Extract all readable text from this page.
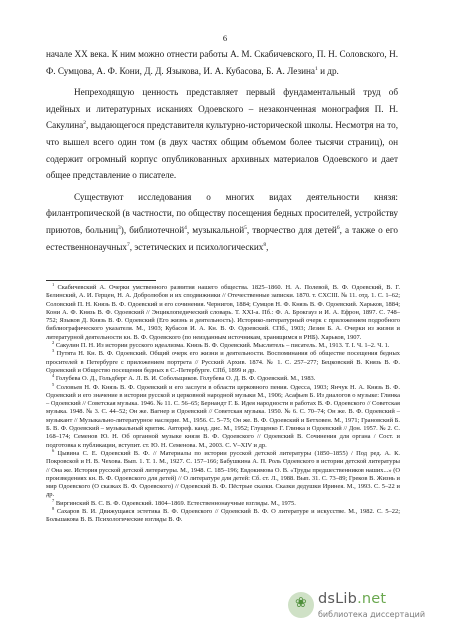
6

начале XX века. К ним можно отнести работы А. М. Скабичевского, П. Н. Соловского, Н. Ф. Сумцова, А. Ф. Кони, Д. Д. Языкова, И. А. Кубасова, Б. А. Лезина$^1$ и др.

Непреходящую ценность представляет первый фундаментальный труд об идейных и литературных исканиях Одоевского – незаконченная монография П. Н. Сакулина$^2$, выдающегося представителя культурно-исторической школы. Несмотря на то, что вышел всего один том (в двух частях общим объемом более тысячи страниц), он содержит огромный корпус опубликованных архивных материалов Одоевского и дает общее представление о писателе.

Существуют исследования о многих видах деятельности князя: филантропической (в частности, по обществу посещения бедных просителей, устройству приютов, больниц$^3$), библиотечной$^4$, музыкальной$^5$, творчество для детей$^6$, а также о его естественнонаучных$^7$, эстетических и психологических$^8$,

$^1$ Скабичевский А. Очерки умственного развития нашего общества. 1825–1860. Н. А. Полевой, В. Ф. Одоевский, В. Г. Белинский, А. И. Герцен, Н. А. Добролюбов и их сподвижники // Отечественные записки. 1870. т. CXCIII. № 11. отд. 1. С. 1–62; Соловский П. Н. Князь В. Ф. Одоевский и его сочинения. Чернигов, 1884; Сумцов Н. Ф. Князь В. Ф. Одоевский. Харьков, 1884; Кони А. Ф. Князь В. Ф. Одоевский // Энциклопедический словарь. Т. XXI-а. Пб.: Ф. А. Брокгауз и И. А. Ефрон, 1897. С. 748–752; Языков Д. Князь В. Ф. Одоевский (Его жизнь и деятельность). Историко-литературный очерк с приложением подробного библиографического указателя. М., 1903; Кубасов И. А. Кн. В. Ф. Одоевский. СПб., 1903; Лезин Б. А. Очерки из жизни и литературной деятельности кн. В. Ф. Одоевского (по неизданным источникам, хранящимся в РНБ). Харьков, 1907.

$^2$ Сакулин П. Н. Из истории русского идеализма. Князь В. Ф. Одоевский. Мыслитель – писатель. М., 1913. Т. I. Ч. 1–2. Ч. 1.

$^3$ Путята Н. Кн. В. Ф. Одоевский. Общий очерк его жизни и деятельности. Воспоминания об обществе посещения бедных просителей в Петербурге с приложением портрета // Русский Архив. 1874. № 1. С. 257–277; Бецковский В. Князь В. Ф. Одоевский и Общество посещения бедных в С.-Петербурге. СПб, 1899 и др.

$^4$ Голубева О. Д., Гольдберг А. Л. В. И. Собольщиков. Голубева О. Д. В. Ф. Одоевский. М., 1983.

$^5$ Соловьев Н. Ф. Князь В. Ф. Одоевский и его заслуги в области церковного пения. Одесса, 1903; Янчук Н. А. Князь В. Ф. Одоевский и его значение в истории русской и церковной народной музыки М., 1906; Асафьев Б. Из диалогов о музыке: Глинка – Одоевский // Советская музыка. 1946. № 11. С. 56–65; Бернандт Г. Б. Идея народности в работах В. Ф. Одоевского // Советская музыка. 1948. № 3. С. 44–52; Он же. Вагнер и Одоевский // Советская музыка. 1950. № 6. С. 70–74; Он же. В. Ф. Одоевский – музыкант // Музыкально-литературное наследие. М., 1956. С. 5–75; Он же. В. Ф. Одоевский и Бетховен. М., 1971; Грановский Б. Б. В. Ф. Одоевский – музыкальный критик. Автореф. канд. дис. М., 1952; Глущенко Г. Глинка и Одоевский // Дон. 1957. № 2. С. 168–174; Семенов Ю. Н. Об органной музыке князя В. Ф. Одоевского // Одоевский В. Сочинения для органа / Сост. и подготовка к публикации, вступит. ст. Ю. Н. Семенова. М., 2003. С. V–XIV и др.

$^6$ Цывина С. Е. Одоевский В. Ф. // Материалы по истории русской детской литературы (1850–1855) / Под ред. А. К. Покровской и Н. В. Чехова. Вып. 1. Т. 1. М., 1927. С. 157–166; Бабушкина А. П. Роль Одоевского в истории детской литературы // Она же. История русской детской литературы. М., 1948. С. 185–196; Евдокимова О. В. «Труды предшественников наших...» (О произведениях кн. В. Ф. Одоевского для детей) // О литературе для детей: Сб. ст. Л., 1988. Вып. 31. С. 73–89; Греков В. Жизнь и мир Одоевского (О сказках В. Ф. Одоевского) // Одоевский В. Ф. Пёстрые сказки. Сказки дедушки Иринея. М., 1993. С. 5–22 и др.

$^7$ Виргинский В. С. В. Ф. Одоевский. 1804–1869. Естественнонаучные взгляды. М., 1975.

$^8$ Сахаров В. И. Движущаяся эстетика В. Ф. Одоевского // Одоевский В. Ф. О литературе и искусстве. М., 1982. С. 5–22; Большакова В. В. Психологические взгляды В. Ф.

❀ dsLib.net
библиотека диссертаций
